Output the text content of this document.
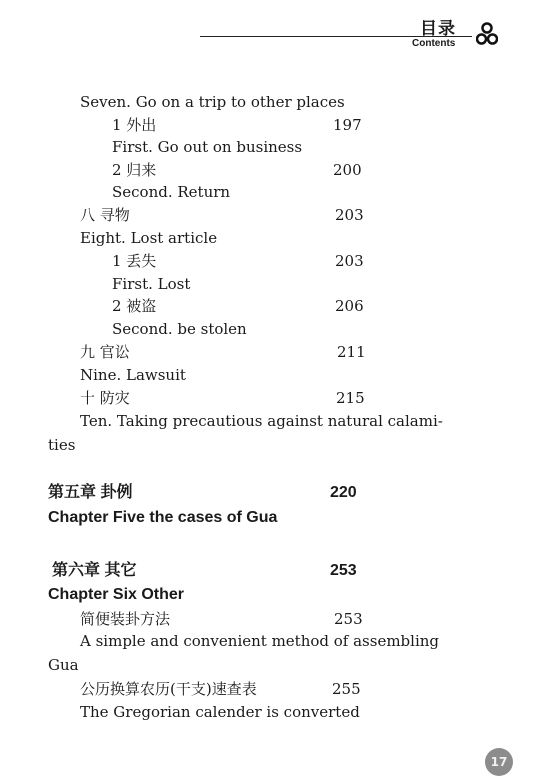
目录
Contents
Seven. Go on a trip to other places
1 外出	197
First. Go out on business
2 归来	200
Second. Return
八 寻物	203
Eight. Lost article
1 丢失	203
First. Lost
2 被盗	206
Second. be stolen
九 官讼	211
Nine. Lawsuit
十 防灾	215
Ten. Taking precautious against natural calami-
ties
第五章 卦例	220
Chapter Five the cases of Gua
第六章 其它	253
Chapter Six Other
简便装卦方法	253
A simple and convenient method of assembling
Gua
公历换算农历(干支)速查表	255
The Gregorian calender is converted
17
